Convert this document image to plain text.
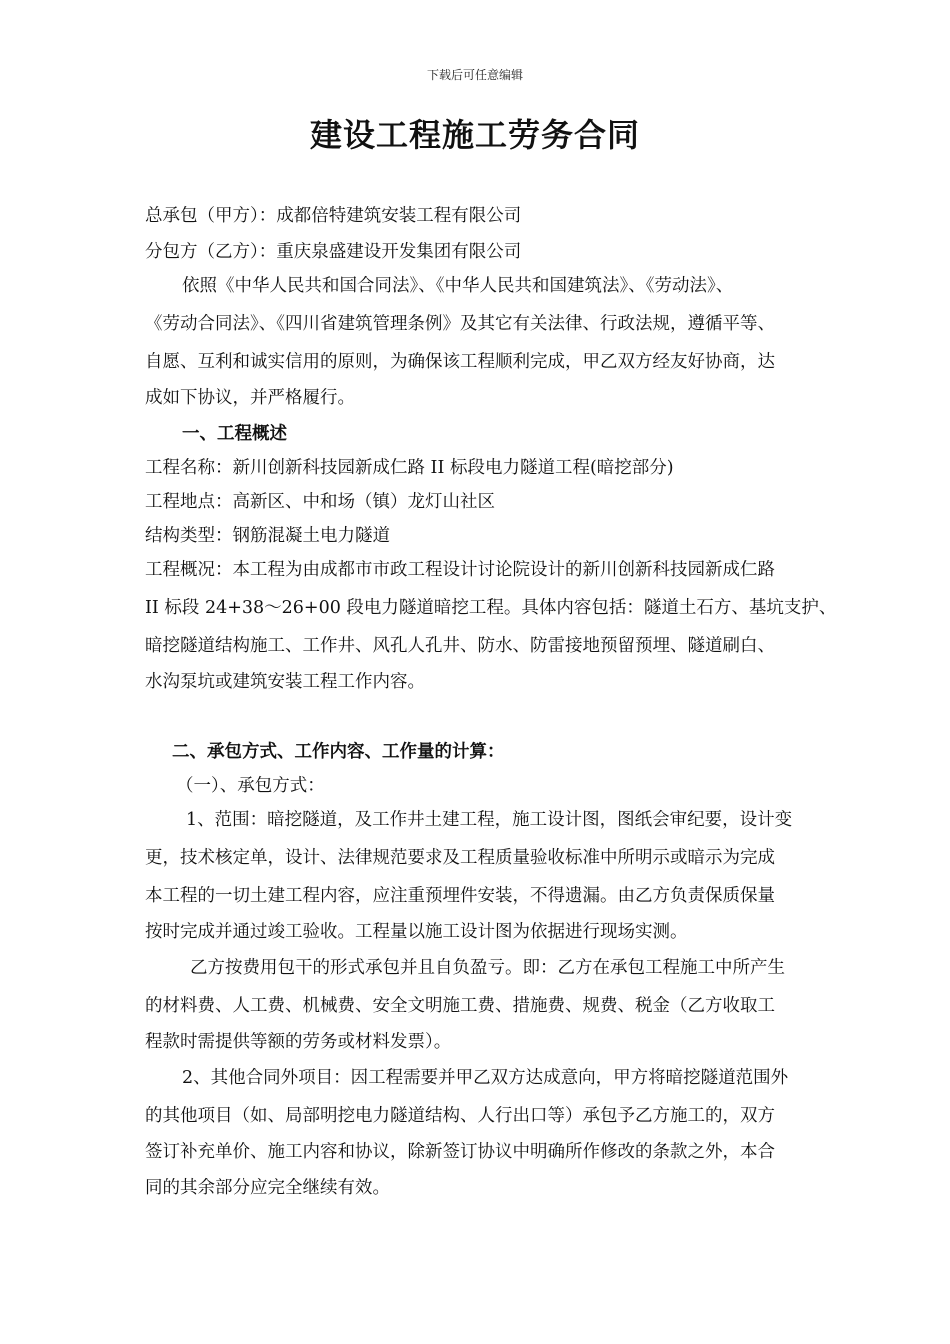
下载后可任意编辑
建设工程施工劳务合同
总承包（甲方）：成都倍特建筑安装工程有限公司
分包方（乙方）：重庆泉盛建设开发集团有限公司
依照《中华人民共和国合同法》、《中华人民共和国建筑法》、《劳动法》、
《劳动合同法》、《四川省建筑管理条例》及其它有关法律、行政法规，遵循平等、
自愿、互利和诚实信用的原则，为确保该工程顺利完成，甲乙双方经友好协商，达
成如下协议，并严格履行。
一、工程概述
工程名称：新川创新科技园新成仁路 II 标段电力隧道工程(暗挖部分)
工程地点：高新区、中和场（镇）龙灯山社区
结构类型：钢筋混凝土电力隧道
工程概况：本工程为由成都市市政工程设计讨论院设计的新川创新科技园新成仁路
II 标段 24+38～26+00 段电力隧道暗挖工程。具体内容包括：隧道土石方、基坑支护、
暗挖隧道结构施工、工作井、风孔人孔井、防水、防雷接地预留预埋、隧道刷白、
水沟泵坑或建筑安装工程工作内容。
二、承包方式、工作内容、工作量的计算：
（一）、承包方式：
1、范围：暗挖隧道，及工作井土建工程，施工设计图，图纸会审纪要，设计变
更，技术核定单，设计、法律规范要求及工程质量验收标准中所明示或暗示为完成
本工程的一切土建工程内容，应注重预埋件安装，不得遗漏。由乙方负责保质保量
按时完成并通过竣工验收。工程量以施工设计图为依据进行现场实测。
乙方按费用包干的形式承包并且自负盈亏。即：乙方在承包工程施工中所产生
的材料费、人工费、机械费、安全文明施工费、措施费、规费、税金（乙方收取工
程款时需提供等额的劳务或材料发票）。
2、其他合同外项目：因工程需要并甲乙双方达成意向，甲方将暗挖隧道范围外
的其他项目（如、局部明挖电力隧道结构、人行出口等）承包予乙方施工的，双方
签订补充单价、施工内容和协议，除新签订协议中明确所作修改的条款之外，本合
同的其余部分应完全继续有效。
